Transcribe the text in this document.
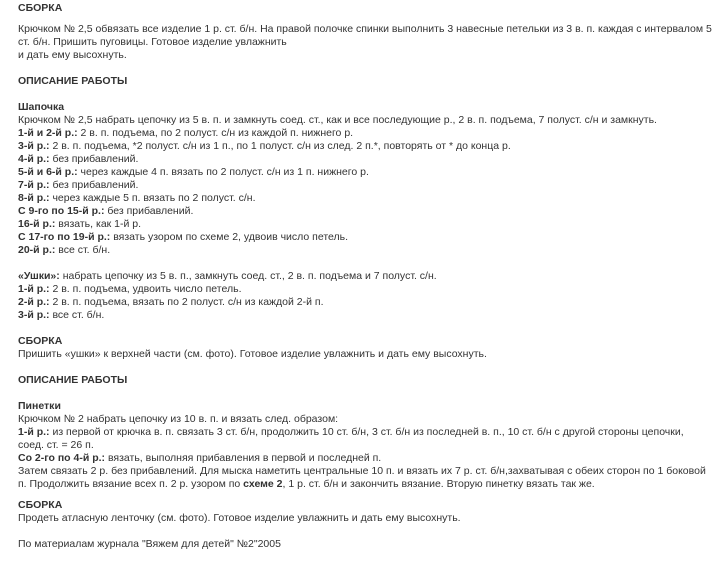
СБОРКА

Крючком № 2,5 обвязать все изделие 1 р. ст. б/н. На правой полочке спинки выполнить 3 навесные петельки из 3 в. п. каждая с интервалом 5 ст. б/н. Пришить пуговицы. Готовое изделие увлажнить
и дать ему высохнуть.

ОПИСАНИЕ РАБОТЫ

Шапочка

Крючком № 2,5 набрать цепочку из 5 в. п. и замкнуть соед. ст., как и все последующие р., 2 в. п. подъема, 7 полуст. с/н и замкнуть.

1-й и 2-й р.: 2 в. п. подъема, по 2 полуст. с/н из каждой п. нижнего р.

3-й р.: 2 в. п. подъема, *2 полуст. с/н из 1 п., по 1 полуст. с/н из след. 2 п.*, повторять от * до конца р.

4-й р.: без прибавлений.

5-й и 6-й р.: через каждые 4 п. вязать по 2 полуст. с/н из 1 п. нижнего р.

7-й р.: без прибавлений.

8-й р.: через каждые 5 п. вязать по 2 полуст. с/н.

С 9-го по 15-й р.: без прибавлений.

16-й р.: вязать, как 1-й р.

С 17-го по 19-й р.: вязать узором по схеме 2, удвоив число петель.

20-й р.: все ст. б/н.

«Ушки»: набрать цепочку из 5 в. п., замкнуть соед. ст., 2 в. п. подъема и 7 полуст. с/н.

1-й р.: 2 в. п. подъема, удвоить число петель.

2-й р.: 2 в. п. подъема, вязать по 2 полуст. с/н из каждой 2-й п.

3-й р.: все ст. б/н.

СБОРКА

Пришить «ушки» к верхней части (см. фото). Готовое изделие увлажнить и дать ему высохнуть.

ОПИСАНИЕ РАБОТЫ

Пинетки

Крючком № 2 набрать цепочку из 10 в. п. и вязать след. образом:

1-й р.: из первой от крючка в. п. связать 3 ст. б/н, продолжить 10 ст. б/н, 3 ст. б/н из последней в. п., 10 ст. б/н с другой стороны цепочки, соед. ст. = 26 п.

Со 2-го по 4-й р.: вязать, выполняя прибавления в первой и последней п.

Затем связать 2 р. без прибавлений. Для мыска наметить центральные 10 п. и вязать их 7 р. ст. б/н,захватывая с обеих сторон по 1 боковой п. Продолжить вязание всех п. 2 р. узором по схеме 2, 1 р. ст. б/н и закончить вязание. Вторую пинетку вязать так же.

СБОРКА

Продеть атласную ленточку (см. фото). Готовое изделие увлажнить и дать ему высохнуть.

По материалам журнала "Вяжем для детей" №2"2005
